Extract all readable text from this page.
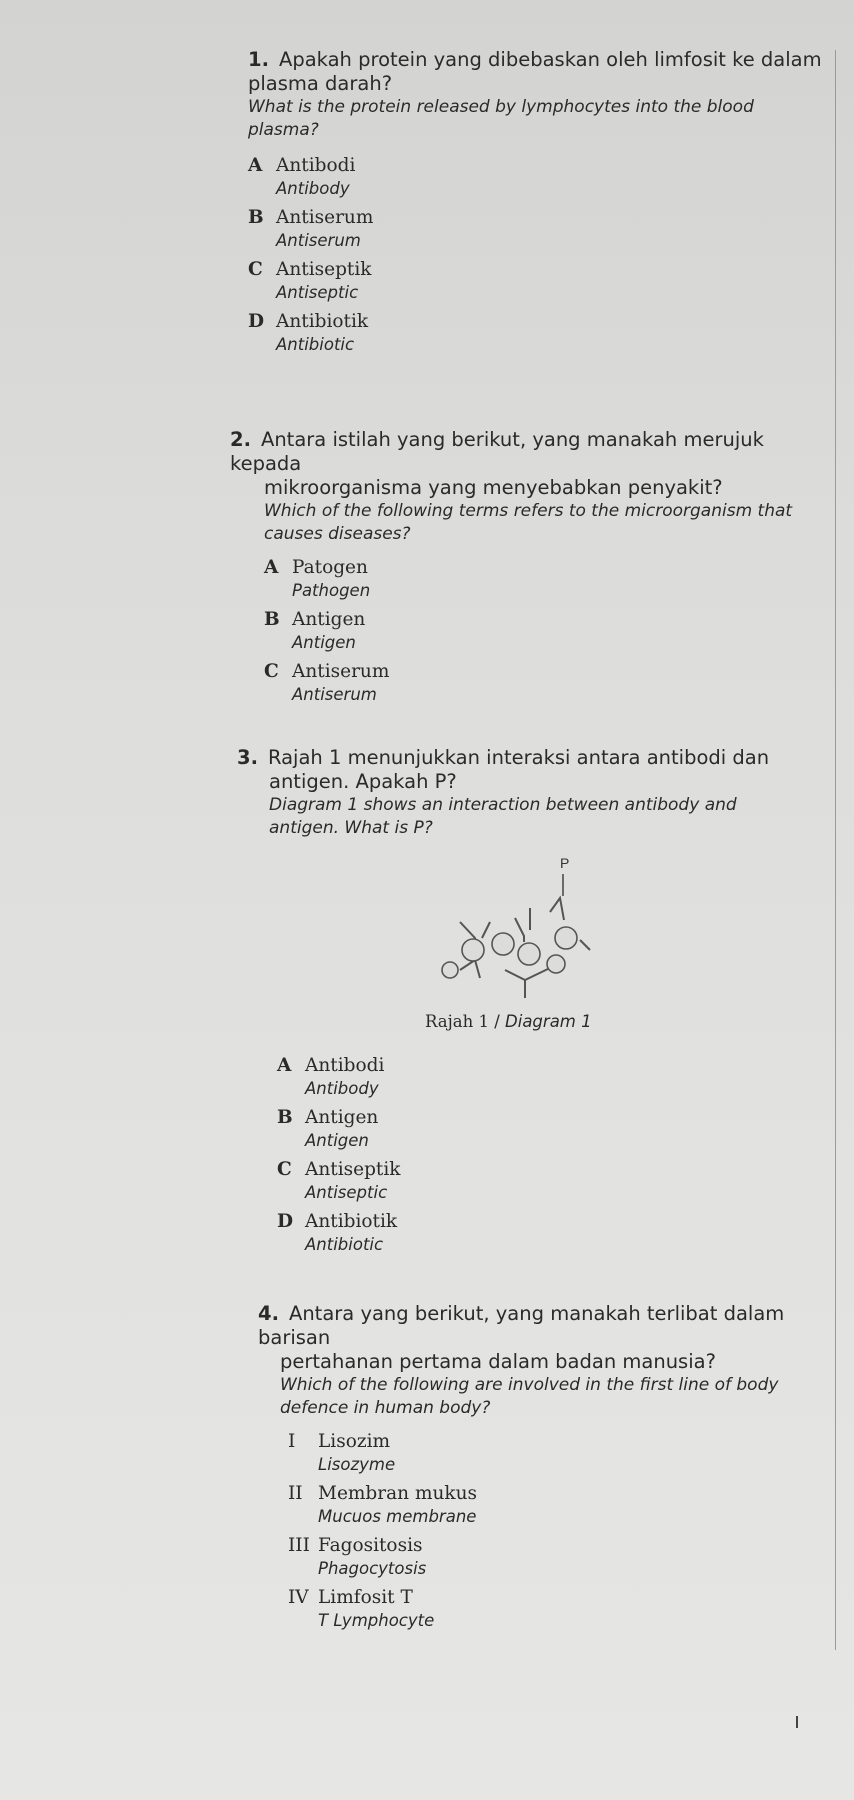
1. Apakah protein yang dibebaskan oleh limfosit ke dalam

plasma darah?

What is the protein released by lymphocytes into the blood

plasma?

A Antibodi

Antibody

B Antiserum

Antiserum

C Antiseptik

Antiseptic

D Antibiotik

Antibiotic

2. Antara istilah yang berikut, yang manakah merujuk kepada

mikroorganisma yang menyebabkan penyakit?

Which of the following terms refers to the microorganism that

causes diseases?

A Patogen

Pathogen

B Antigen

Antigen

C Antiserum

Antiserum

3. Rajah 1 menunjukkan interaksi antara antibodi dan

antigen. Apakah P?

Diagram 1 shows an interaction between antibody and

antigen. What is P?

P
Rajah 1 / Diagram 1

A Antibodi

Antibody

B Antigen

Antigen

C Antiseptik

Antiseptic

D Antibiotik

Antibiotic

4. Antara yang berikut, yang manakah terlibat dalam barisan

pertahanan pertama dalam badan manusia?

Which of the following are involved in the first line of body

defence in human body?

I Lisozim

Lisozyme

II Membran mukus

Mucuos membrane

III Fagositosis

Phagocytosis

IV Limfosit T

T Lymphocyte
